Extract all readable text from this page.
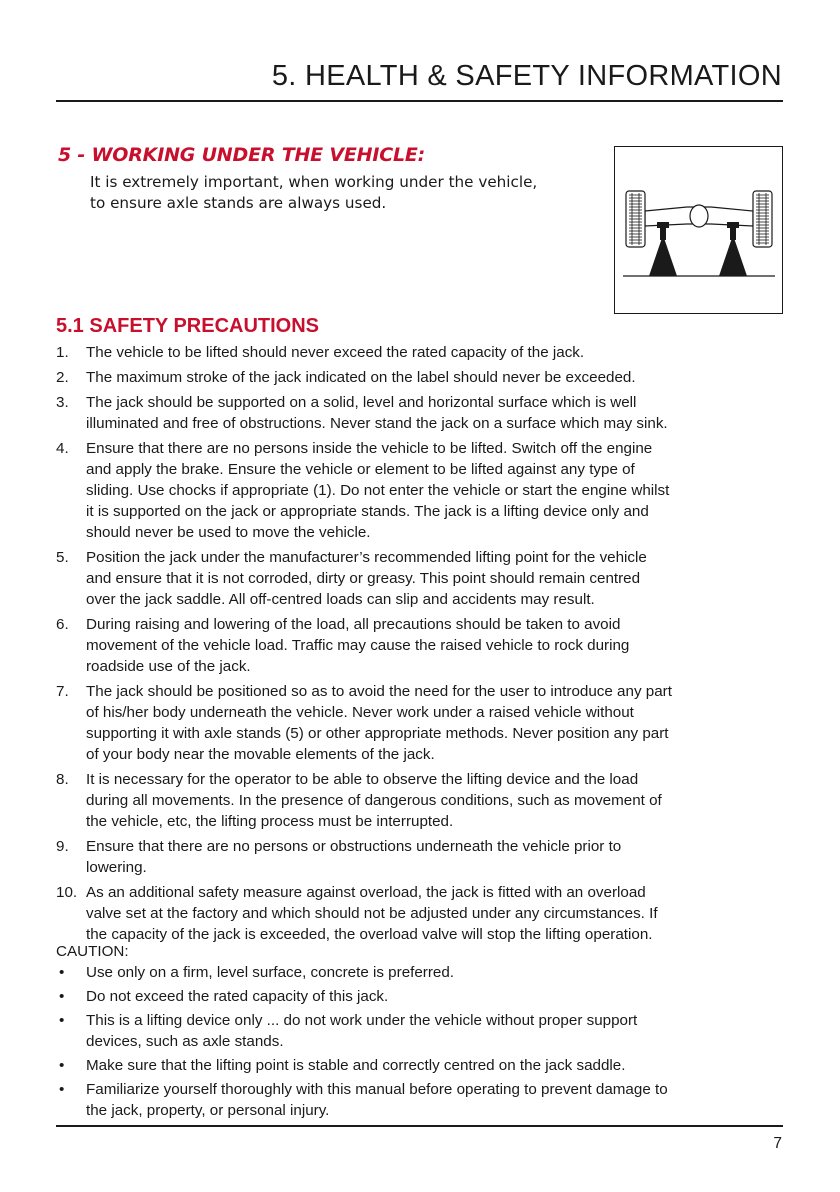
5. HEALTH & SAFETY INFORMATION
5 - WORKING UNDER THE VEHICLE:

It is extremely important, when working under the vehicle,
to ensure axle stands are always used.

5.1 SAFETY PRECAUTIONS
1. The vehicle to be lifted should never exceed the rated capacity of the jack.
2. The maximum stroke of the jack indicated on the label should never be exceeded.
3. The jack should be supported on a solid, level and horizontal surface which is well
illuminated and free of obstructions. Never stand the jack on a surface which may sink.
4. Ensure that there are no persons inside the vehicle to be lifted. Switch off the engine
and apply the brake. Ensure the vehicle or element to be lifted against any type of
sliding. Use chocks if appropriate (1). Do not enter the vehicle or start the engine whilst
it is supported on the jack or appropriate stands. The jack is a lifting device only and
should never be used to move the vehicle.
5. Position the jack under the manufacturer’s recommended lifting point for the vehicle
and ensure that it is not corroded, dirty or greasy. This point should remain centred
over the jack saddle. All off-centred loads can slip and accidents may result.
6. During raising and lowering of the load, all precautions should be taken to avoid
movement of the vehicle load. Traffic may cause the raised vehicle to rock during
roadside use of the jack.
7. The jack should be positioned so as to avoid the need for the user to introduce any part
of his/her body underneath the vehicle. Never work under a raised vehicle without
supporting it with axle stands (5) or other appropriate methods. Never position any part
of your body near the movable elements of the jack.
8. It is necessary for the operator to be able to observe the lifting device and the load
during all movements. In the presence of dangerous conditions, such as movement of
the vehicle, etc, the lifting process must be interrupted.
9. Ensure that there are no persons or obstructions underneath the vehicle prior to
lowering.
10. As an additional safety measure against overload, the jack is fitted with an overload
valve set at the factory and which should not be adjusted under any circumstances. If
the capacity of the jack is exceeded, the overload valve will stop the lifting operation.
CAUTION:
• Use only on a firm, level surface, concrete is preferred.
• Do not exceed the rated capacity of this jack.
• This is a lifting device only ... do not work under the vehicle without proper support
devices, such as axle stands.
• Make sure that the lifting point is stable and correctly centred on the jack saddle.
• Familiarize yourself thoroughly with this manual before operating to prevent damage to
the jack, property, or personal injury.
7
